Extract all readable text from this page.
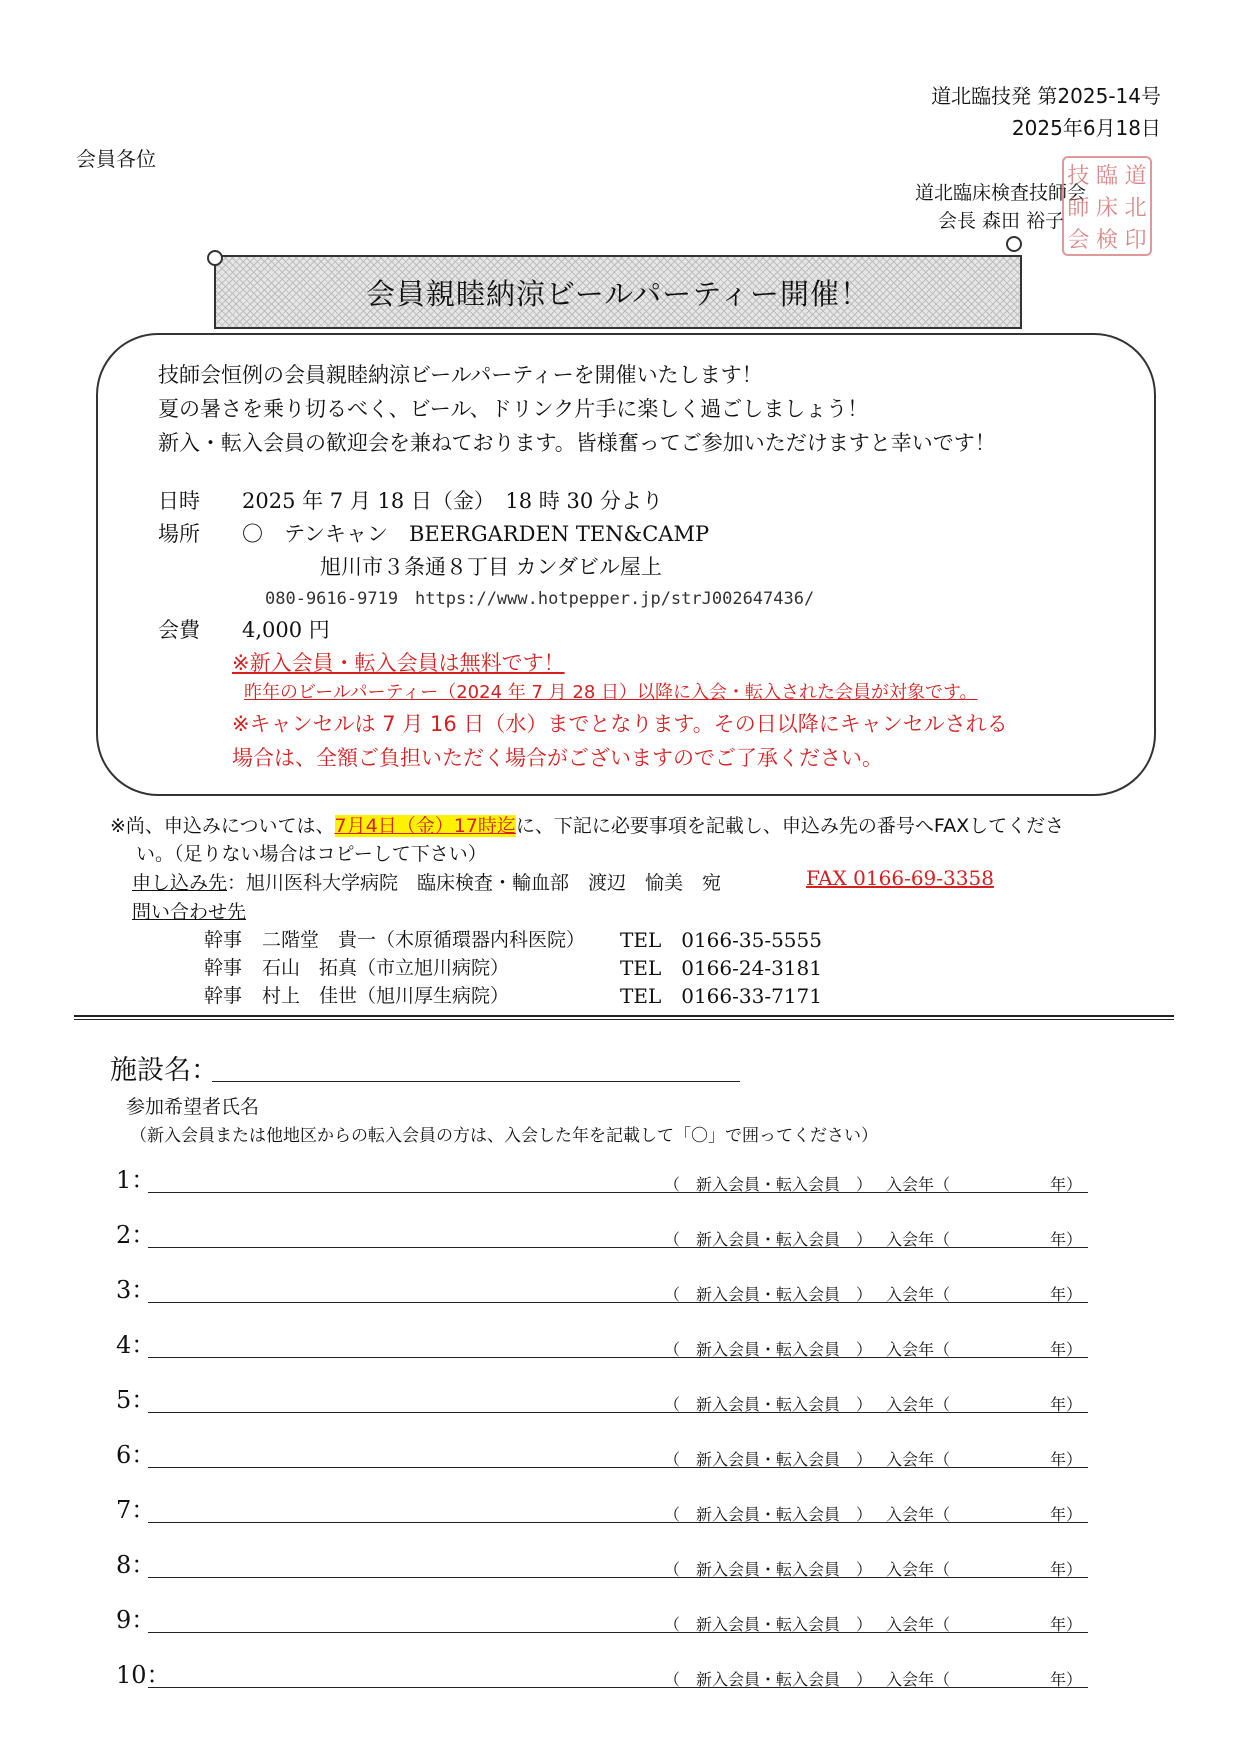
道北臨技発 第2025-14号
2025年6月18日
会員各位
道北臨床検査技師会
会長 森田 裕子
技 臨 道
師 床 北
会 検 印
会員親睦納涼ビールパーティー開催！
技師会恒例の会員親睦納涼ビールパーティーを開催いたします！
夏の暑さを乗り切るべく、ビール、ドリンク片手に楽しく過ごしましょう！
新入・転入会員の歓迎会を兼ねております。皆様奮ってご参加いただけますと幸いです！
日時 2025 年 7 月 18 日（金）　18 時 30 分より
場所 〇　テンキャン　BEERGARDEN TEN&CAMP
旭川市３条通８丁目 カンダビル屋上
080-9616-9719　https://www.hotpepper.jp/strJ002647436/
会費 4,000 円
※新入会員・転入会員は無料です！
昨年のビールパーティー（2024 年 7 月 28 日）以降に入会・転入された会員が対象です。
※キャンセルは 7 月 16 日（水）までとなります。その日以降にキャンセルされる
場合は、全額ご負担いただく場合がございますのでご了承ください。
※尚、申込みについては、7月4日（金）17時迄に、下記に必要事項を記載し、申込み先の番号へFAXしてくださ
い。（足りない場合はコピーして下さい）
申し込み先：旭川医科大学病院　臨床検査・輸血部　渡辺　愉美　宛	FAX 0166-69-3358
問い合わせ先
幹事 二階堂　貴一（木原循環器内科医院） TEL　0166-35-5555
幹事 石山　拓真（市立旭川病院）	TEL　0166-24-3181
幹事 村上　佳世（旭川厚生病院）	TEL　0166-33-7171
施設名：
参加希望者氏名
（新入会員または他地区からの転入会員の方は、入会した年を記載して「〇」で囲ってください）
1：	（　新入会員・転入会員　） 入会年（	年）
2：	（　新入会員・転入会員　） 入会年（	年）
3：	（　新入会員・転入会員　） 入会年（	年）
4：	（　新入会員・転入会員　） 入会年（	年）
5：	（　新入会員・転入会員　） 入会年（	年）
6：	（　新入会員・転入会員　） 入会年（	年）
7：	（　新入会員・転入会員　） 入会年（	年）
8：	（　新入会員・転入会員　） 入会年（	年）
9：	（　新入会員・転入会員　） 入会年（	年）
10：	（　新入会員・転入会員　） 入会年（	年）
